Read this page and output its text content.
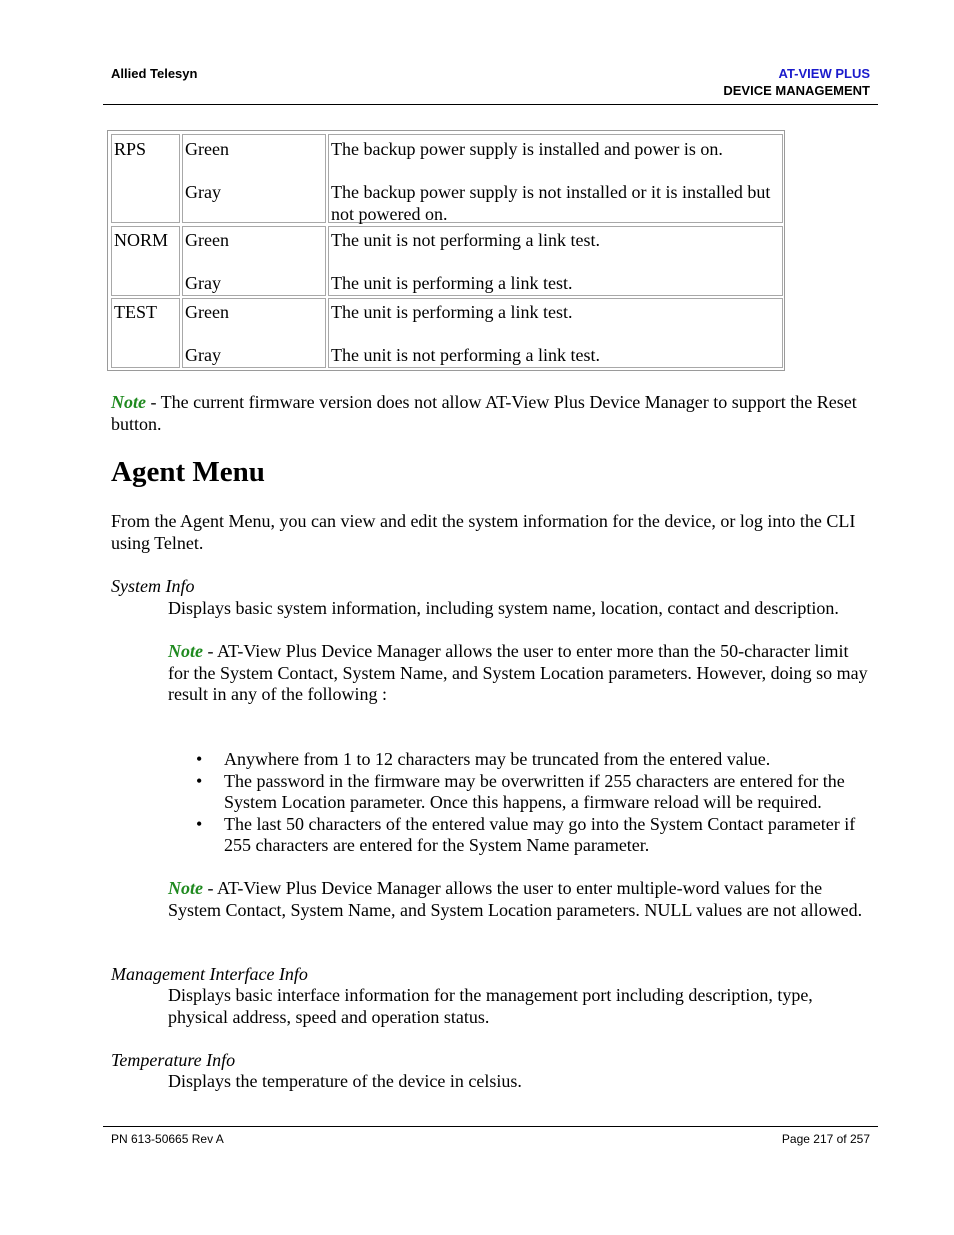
Allied Telesyn	AT-VIEW PLUS
DEVICE MANAGEMENT
RPS Green
Gray
The backup power supply is installed and power is on.
The backup power supply is not installed or it is installed but not powered on.
NORM Green
Gray
The unit is not performing a link test.
The unit is performing a link test.
TEST Green
Gray
The unit is performing a link test.
The unit is not performing a link test.
Note - The current firmware version does not allow AT-View Plus Device Manager to support the Reset button.
Agent Menu
From the Agent Menu, you can view and edit the system information for the device, or log into the CLI using Telnet.
System Info
Displays basic system information, including system name, location, contact and description.
Note - AT-View Plus Device Manager allows the user to enter more than the 50-character limit for the System Contact, System Name, and System Location parameters. However, doing so may result in any of the following :
• Anywhere from 1 to 12 characters may be truncated from the entered value.
• The password in the firmware may be overwritten if 255 characters are entered for the System Location parameter. Once this happens, a firmware reload will be required.
• The last 50 characters of the entered value may go into the System Contact parameter if 255 characters are entered for the System Name parameter.
Note - AT-View Plus Device Manager allows the user to enter multiple-word values for the System Contact, System Name, and System Location parameters. NULL values are not allowed.
Management Interface Info
Displays basic interface information for the management port including description, type, physical address, speed and operation status.
Temperature Info
Displays the temperature of the device in celsius.
PN 613-50665 Rev A	Page 217 of 257
